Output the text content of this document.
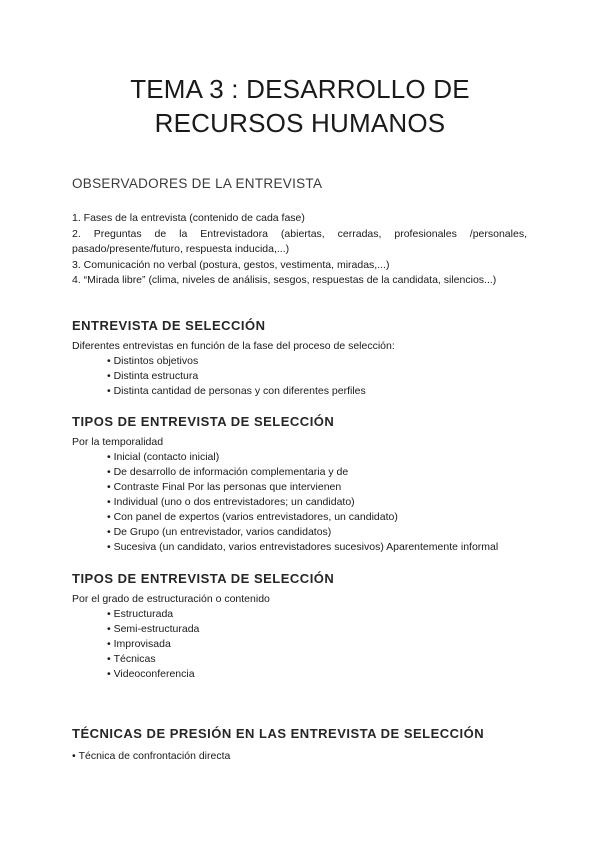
TEMA 3 : DESARROLLO DE
RECURSOS HUMANOS
OBSERVADORES DE LA ENTREVISTA
1. Fases de la entrevista (contenido de cada fase)
2. Preguntas de la Entrevistadora (abiertas, cerradas, profesionales /personales,
pasado/presente/futuro, respuesta inducida,...)
3. Comunicación no verbal (postura, gestos, vestimenta, miradas,...)
4. “Mirada libre” (clima, niveles de análisis, sesgos, respuestas de la candidata, silencios...)
ENTREVISTA DE SELECCIÓN

Diferentes entrevistas en función de la fase del proceso de selección:

• Distintos objetivos
• Distinta estructura
• Distinta cantidad de personas y con diferentes perfiles
TIPOS DE ENTREVISTA DE SELECCIÓN

Por la temporalidad

• Inicial (contacto inicial)
• De desarrollo de información complementaria y de
• Contraste Final Por las personas que intervienen
• Individual (uno o dos entrevistadores; un candidato)
• Con panel de expertos (varios entrevistadores, un candidato)
• De Grupo (un entrevistador, varios candidatos)
• Sucesiva (un candidato, varios entrevistadores sucesivos) Aparentemente informal
TIPOS DE ENTREVISTA DE SELECCIÓN

Por el grado de estructuración o contenido

• Estructurada
• Semi-estructurada
• Improvisada
• Técnicas
• Videoconferencia
TÉCNICAS DE PRESIÓN EN LAS ENTREVISTA DE SELECCIÓN

• Técnica de confrontación directa
